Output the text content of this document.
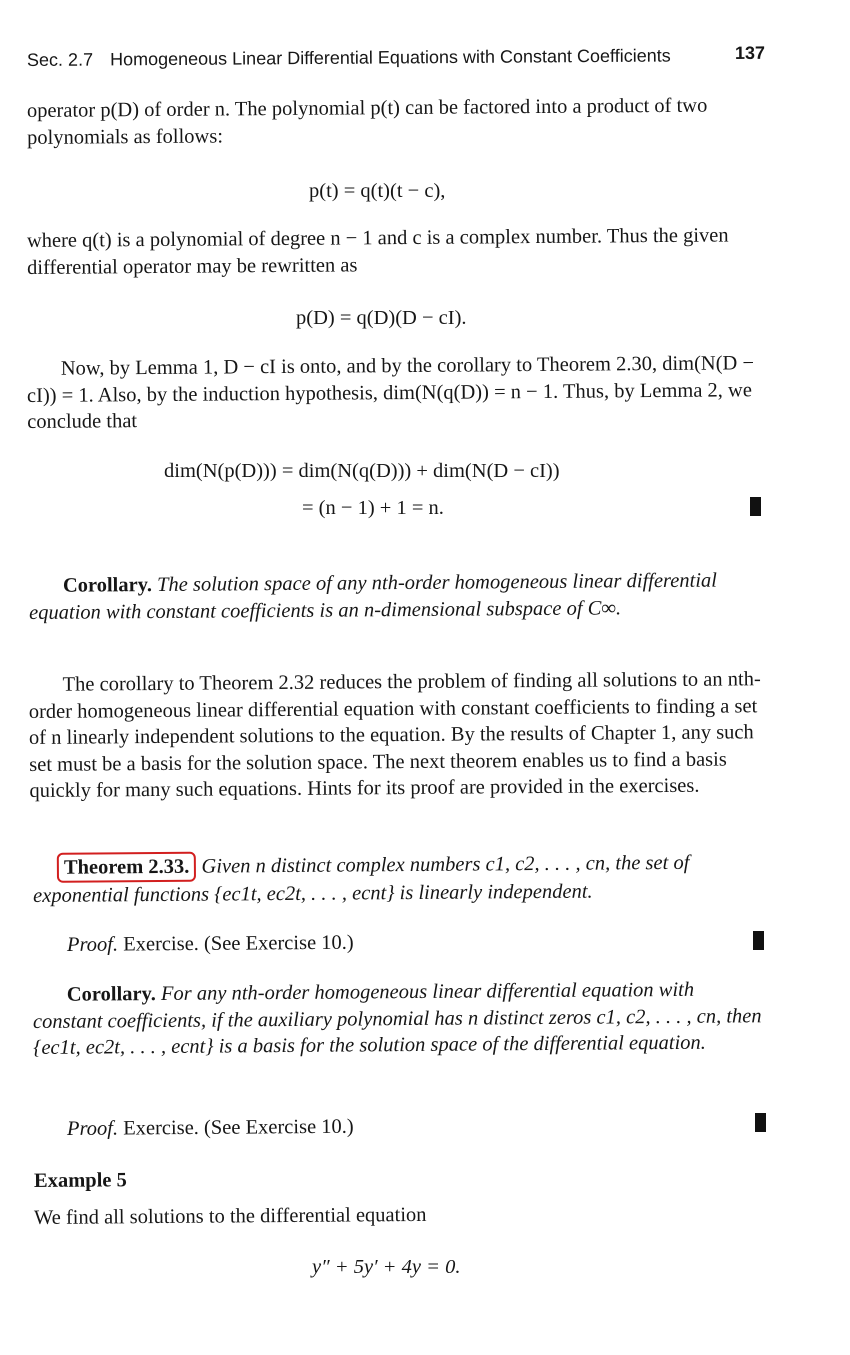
Sec. 2.7 Homogeneous Linear Differential Equations with Constant Coefficients	137
operator p(D) of order n. The polynomial p(t) can be factored into a product of two polynomials as follows:
p(t) = q(t)(t − c),
where q(t) is a polynomial of degree n − 1 and c is a complex number. Thus the given differential operator may be rewritten as
p(D) = q(D)(D − cI).
Now, by Lemma 1, D − cI is onto, and by the corollary to Theorem 2.30, dim(N(D − cI)) = 1. Also, by the induction hypothesis, dim(N(q(D)) = n − 1. Thus, by Lemma 2, we conclude that
dim(N(p(D))) = dim(N(q(D))) + dim(N(D − cI))
= (n − 1) + 1 = n.
Corollary. The solution space of any nth-order homogeneous linear differential equation with constant coefficients is an n-dimensional subspace of C∞.
The corollary to Theorem 2.32 reduces the problem of finding all solutions to an nth-order homogeneous linear differential equation with constant coefficients to finding a set of n linearly independent solutions to the equation. By the results of Chapter 1, any such set must be a basis for the solution space. The next theorem enables us to find a basis quickly for many such equations. Hints for its proof are provided in the exercises.
Theorem 2.33. Given n distinct complex numbers c1, c2, . . . , cn, the set of exponential functions {ec1t, ec2t, . . . , ecnt} is linearly independent.
Proof. Exercise. (See Exercise 10.)
Corollary. For any nth-order homogeneous linear differential equation with constant coefficients, if the auxiliary polynomial has n distinct zeros c1, c2, . . . , cn, then {ec1t, ec2t, . . . , ecnt} is a basis for the solution space of the differential equation.
Proof. Exercise. (See Exercise 10.)
Example 5
We find all solutions to the differential equation
y″ + 5y′ + 4y = 0.
